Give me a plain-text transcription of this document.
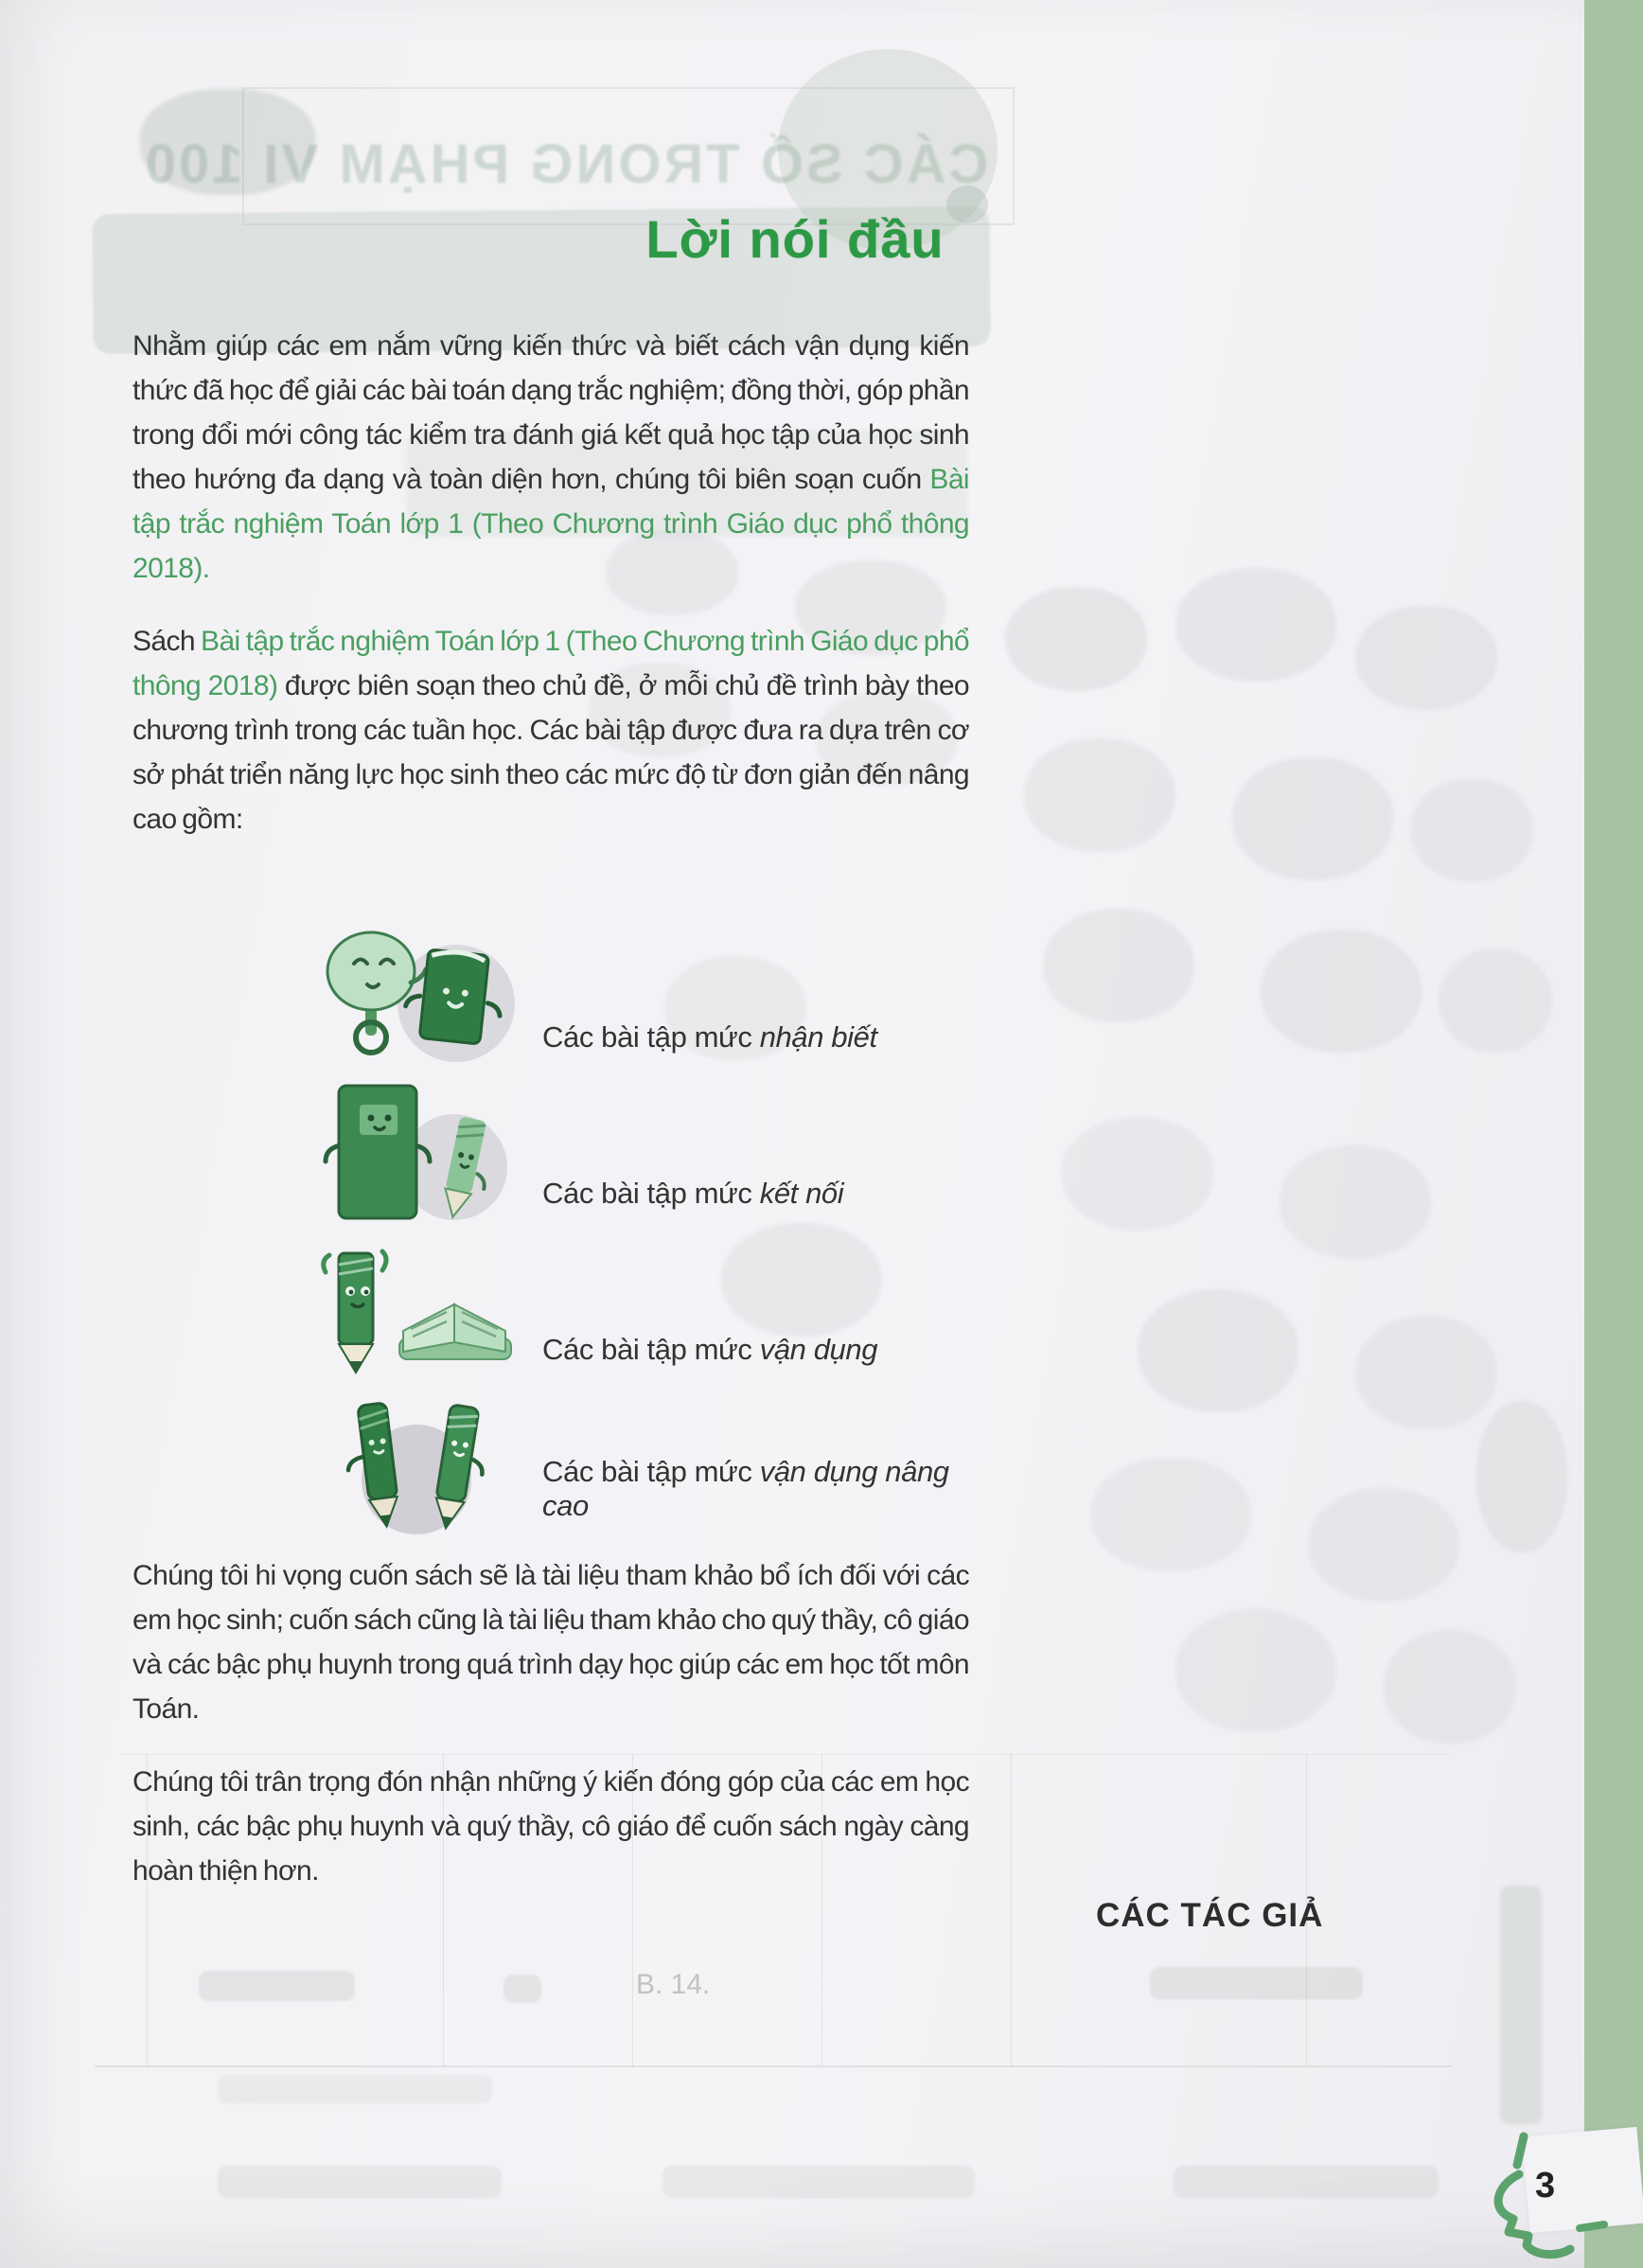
CÁC SỐ TRONG PHẠM VI 100
B. 14.
Lời nói đầu

Nhằm giúp các em nắm vững kiến thức và biết cách vận dụng kiến thức đã học để giải các bài toán dạng trắc nghiệm; đồng thời, góp phần trong đổi mới công tác kiểm tra đánh giá kết quả học tập của học sinh theo hướng đa dạng và toàn diện hơn, chúng tôi biên soạn cuốn Bài tập trắc nghiệm Toán lớp 1 (Theo Chương trình Giáo dục phổ thông 2018).

Sách Bài tập trắc nghiệm Toán lớp 1 (Theo Chương trình Giáo dục phổ thông 2018) được biên soạn theo chủ đề, ở mỗi chủ đề trình bày theo chương trình trong các tuần học. Các bài tập được đưa ra dựa trên cơ sở phát triển năng lực học sinh theo các mức độ từ đơn giản đến nâng cao gồm:

Các bài tập mức nhận biết
Các bài tập mức kết nối
Các bài tập mức vận dụng
Các bài tập mức vận dụng nâng cao

Chúng tôi hi vọng cuốn sách sẽ là tài liệu tham khảo bổ ích đối với các em học sinh; cuốn sách cũng là tài liệu tham khảo cho quý thầy, cô giáo và các bậc phụ huynh trong quá trình dạy học giúp các em học tốt môn Toán.

Chúng tôi trân trọng đón nhận những ý kiến đóng góp của các em học sinh, các bậc phụ huynh và quý thầy, cô giáo để cuốn sách ngày càng hoàn thiện hơn.

CÁC TÁC GIẢ
3
